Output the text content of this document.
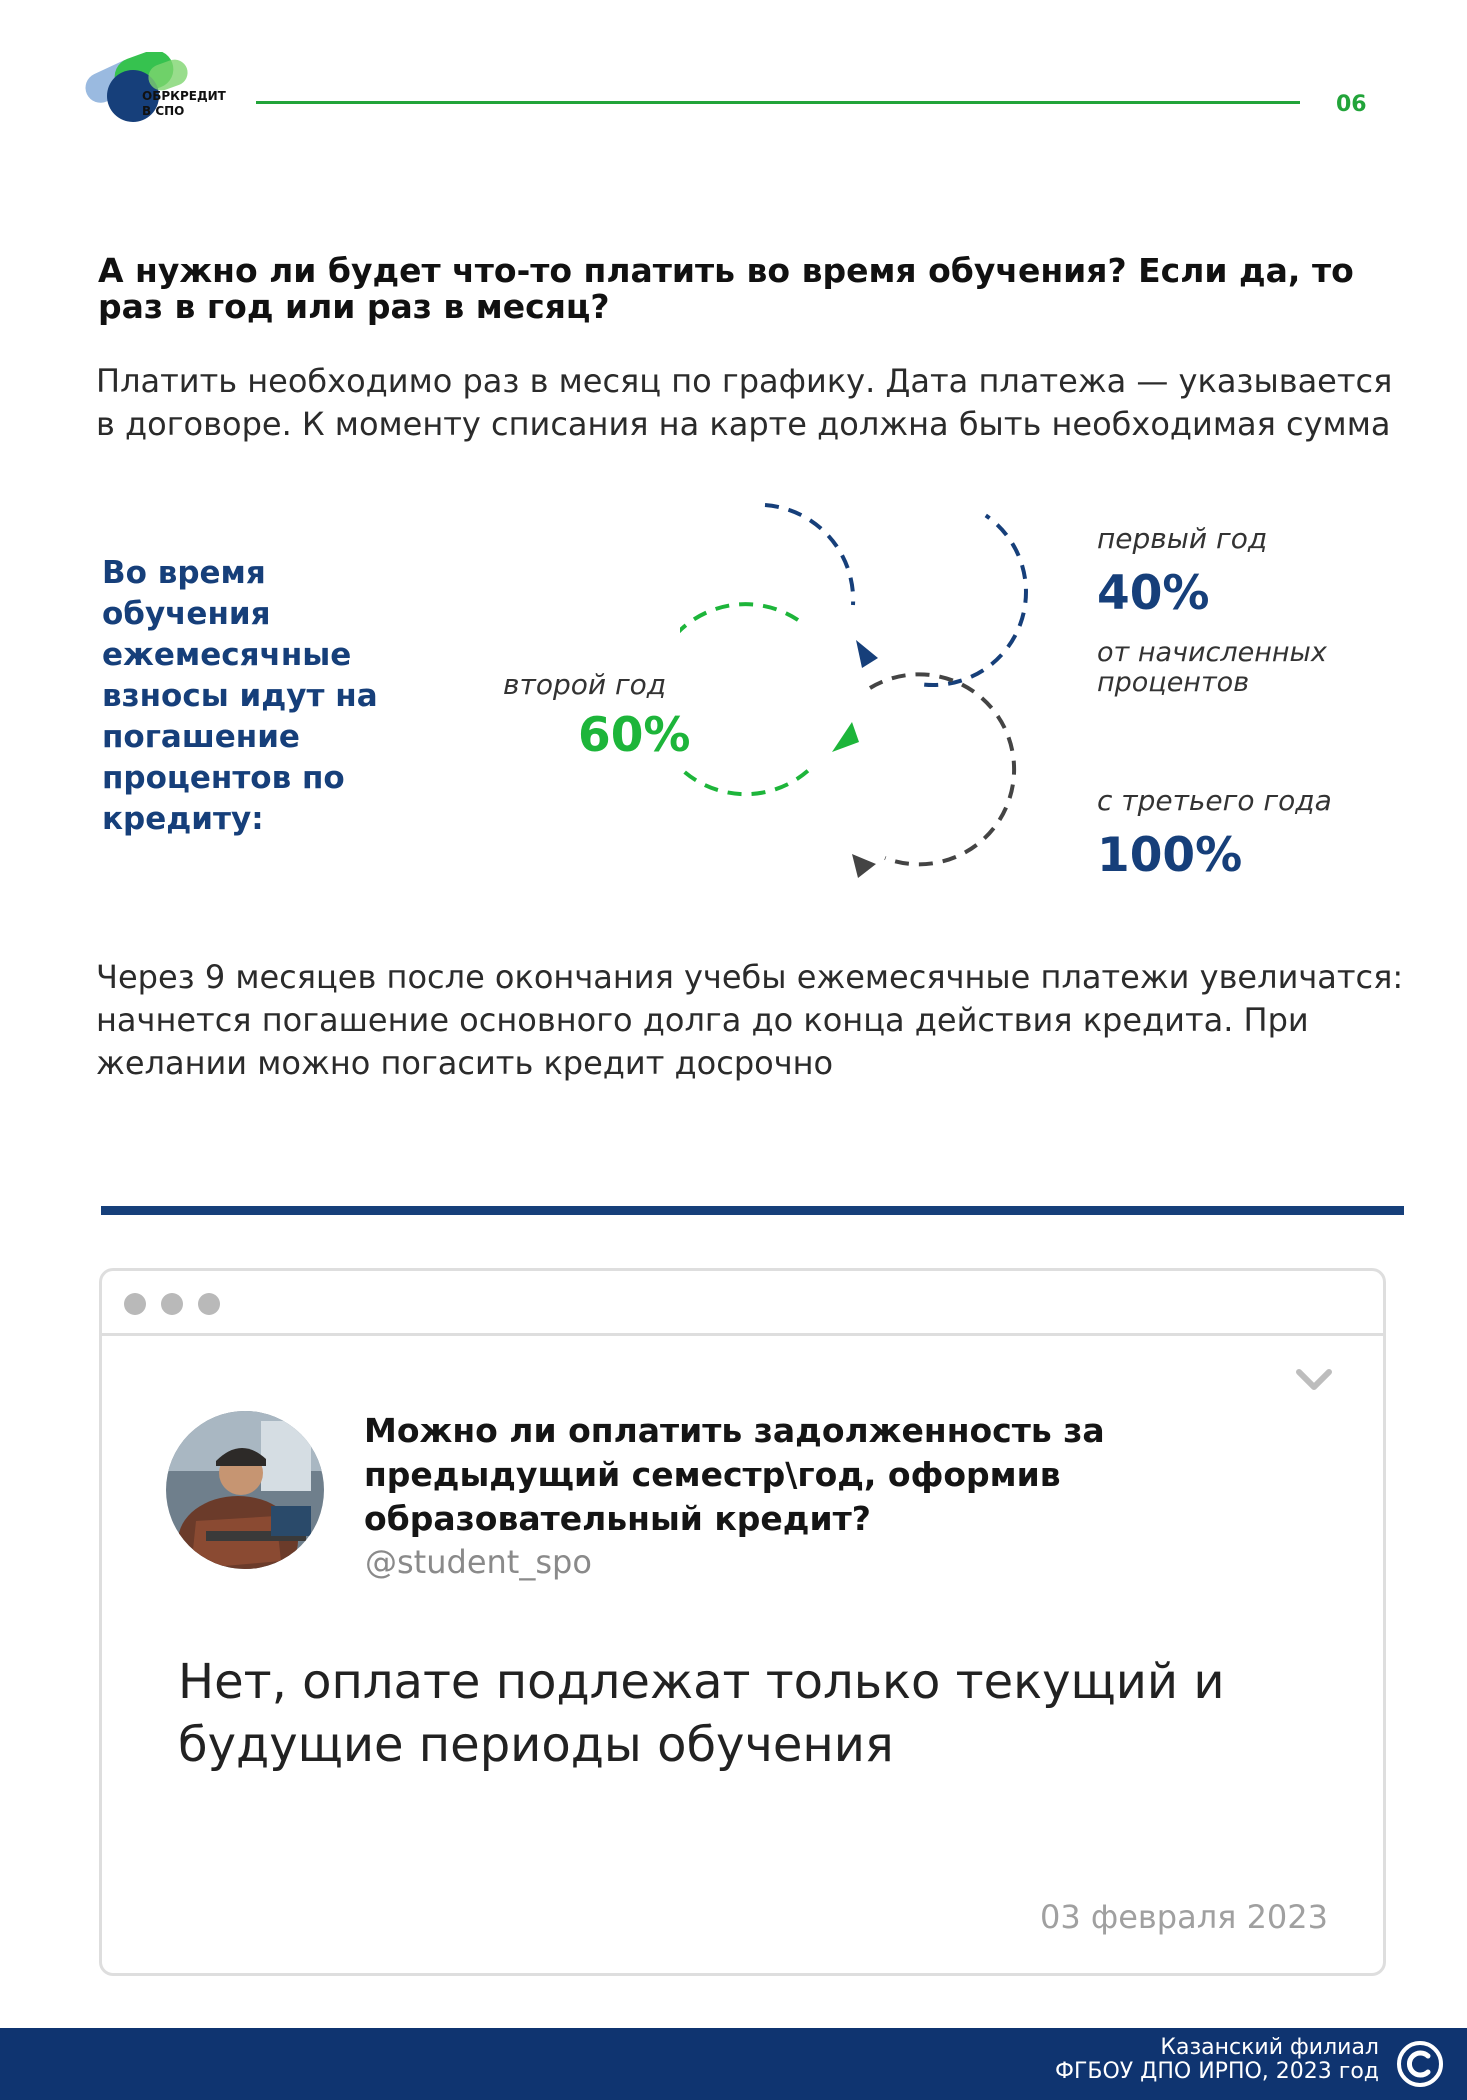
ОБРКРЕДИТ
В СПО	06
А нужно ли будет что-то платить во время обучения? Если да, то раз в год или раз в месяц?
Платить необходимо раз в месяц по графику. Дата платежа — указывается в договоре. К моменту списания на карте должна быть необходимая сумма
Во время обучения ежемесячные взносы идут на погашение процентов по кредиту:
второй год
60%
первый год
40%
от начисленных процентов
с третьего года
100%
Через 9 месяцев после окончания учебы ежемесячные платежи увеличатся: начнется погашение основного долга до конца действия кредита. При желании можно погасить кредит досрочно
Можно ли оплатить задолженность за предыдущий семестр\год, оформив образовательный кредит?
@student_spo
Нет, оплате подлежат только текущий и будущие периоды обучения
03 февраля 2023
Казанский филиал
ФГБОУ ДПО ИРПО, 2023 год
